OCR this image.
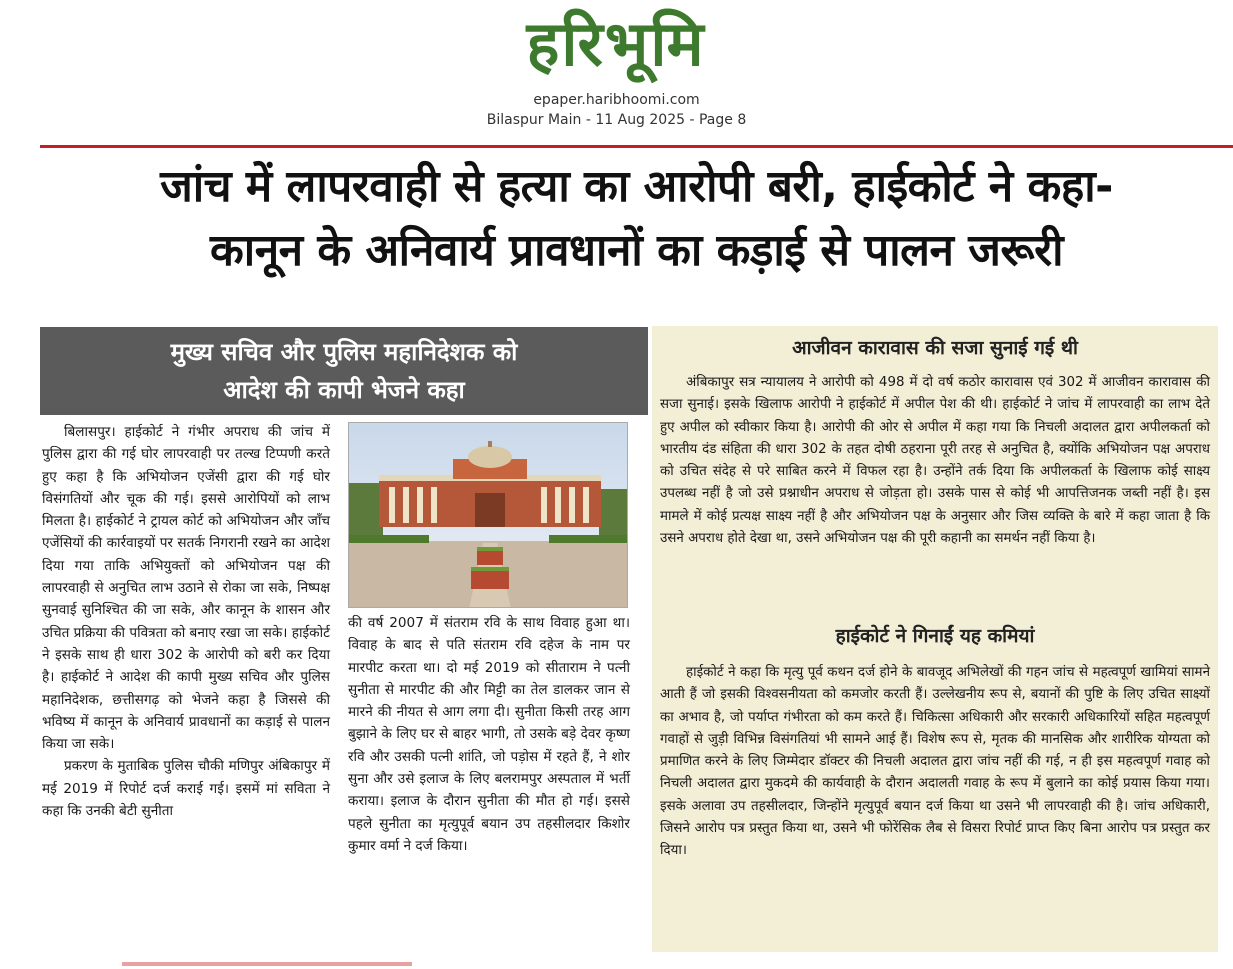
हरिभूमि
epaper.haribhoomi.com
Bilaspur Main - 11 Aug 2025 - Page 8
जांच में लापरवाही से हत्या का आरोपी बरी, हाईकोर्ट ने कहा-
कानून के अनिवार्य प्रावधानों का कड़ाई से पालन जरूरी
मुख्य सचिव और पुलिस महानिदेशक को
आदेश की कापी भेजने कहा

बिलासपुर। हाईकोर्ट ने गंभीर अपराध की जांच में पुलिस द्वारा की गई घोर लापरवाही पर तल्ख टिप्पणी करते हुए कहा है कि अभियोजन एजेंसी द्वारा की गई घोर विसंगतियों और चूक की गई। इससे आरोपियों को लाभ मिलता है। हाईकोर्ट ने ट्रायल कोर्ट को अभियोजन और जाँच एजेंसियों की कार्रवाइयों पर सतर्क निगरानी रखने का आदेश दिया गया ताकि अभियुक्तों को अभियोजन पक्ष की लापरवाही से अनुचित लाभ उठाने से रोका जा सके, निष्पक्ष सुनवाई सुनिश्चित की जा सके, और कानून के शासन और उचित प्रक्रिया की पवित्रता को बनाए रखा जा सके। हाईकोर्ट ने इसके साथ ही धारा 302 के आरोपी को बरी कर दिया है। हाईकोर्ट ने आदेश की कापी मुख्य सचिव और पुलिस महानिदेशक, छत्तीसगढ़ को भेजने कहा है जिससे की भविष्य में कानून के अनिवार्य प्रावधानों का कड़ाई से पालन किया जा सके।

प्रकरण के मुताबिक पुलिस चौकी मणिपुर अंबिकापुर में मई 2019 में रिपोर्ट दर्ज कराई गई। इसमें मां सविता ने कहा कि उनकी बेटी सुनीता

की वर्ष 2007 में संतराम रवि के साथ विवाह हुआ था। विवाह के बाद से पति संतराम रवि दहेज के नाम पर मारपीट करता था। दो मई 2019 को सीताराम ने पत्नी सुनीता से मारपीट की और मिट्टी का तेल डालकर जान से मारने की नीयत से आग लगा दी। सुनीता किसी तरह आग बुझाने के लिए घर से बाहर भागी, तो उसके बड़े देवर कृष्ण रवि और उसकी पत्नी शांति, जो पड़ोस में रहते हैं, ने शोर सुना और उसे इलाज के लिए बलरामपुर अस्पताल में भर्ती कराया। इलाज के दौरान सुनीता की मौत हो गई। इससे पहले सुनीता का मृत्युपूर्व बयान उप तहसीलदार किशोर कुमार वर्मा ने दर्ज किया।

आजीवन कारावास की सजा सुनाई गई थी

अंबिकापुर सत्र न्यायालय ने आरोपी को 498 में दो वर्ष कठोर कारावास एवं 302 में आजीवन कारावास की सजा सुनाई। इसके खिलाफ आरोपी ने हाईकोर्ट में अपील पेश की थी। हाईकोर्ट ने जांच में लापरवाही का लाभ देते हुए अपील को स्वीकार किया है। आरोपी की ओर से अपील में कहा गया कि निचली अदालत द्वारा अपीलकर्ता को भारतीय दंड संहिता की धारा 302 के तहत दोषी ठहराना पूरी तरह से अनुचित है, क्योंकि अभियोजन पक्ष अपराध को उचित संदेह से परे साबित करने में विफल रहा है। उन्होंने तर्क दिया कि अपीलकर्ता के खिलाफ कोई साक्ष्य उपलब्ध नहीं है जो उसे प्रश्नाधीन अपराध से जोड़ता हो। उसके पास से कोई भी आपत्तिजनक जब्ती नहीं है। इस मामले में कोई प्रत्यक्ष साक्ष्य नहीं है और अभियोजन पक्ष के अनुसार और जिस व्यक्ति के बारे में कहा जाता है कि उसने अपराध होते देखा था, उसने अभियोजन पक्ष की पूरी कहानी का समर्थन नहीं किया है।

हाईकोर्ट ने गिनाईं यह कमियां

हाईकोर्ट ने कहा कि मृत्यु पूर्व कथन दर्ज होने के बावजूद अभिलेखों की गहन जांच से महत्वपूर्ण खामियां सामने आती हैं जो इसकी विश्वसनीयता को कमजोर करती हैं। उल्लेखनीय रूप से, बयानों की पुष्टि के लिए उचित साक्ष्यों का अभाव है, जो पर्याप्त गंभीरता को कम करते हैं। चिकित्सा अधिकारी और सरकारी अधिकारियों सहित महत्वपूर्ण गवाहों से जुड़ी विभिन्न विसंगतियां भी सामने आई हैं। विशेष रूप से, मृतक की मानसिक और शारीरिक योग्यता को प्रमाणित करने के लिए जिम्मेदार डॉक्टर की निचली अदालत द्वारा जांच नहीं की गई, न ही इस महत्वपूर्ण गवाह को निचली अदालत द्वारा मुकदमे की कार्यवाही के दौरान अदालती गवाह के रूप में बुलाने का कोई प्रयास किया गया। इसके अलावा उप तहसीलदार, जिन्होंने मृत्युपूर्व बयान दर्ज किया था उसने भी लापरवाही की है। जांच अधिकारी, जिसने आरोप पत्र प्रस्तुत किया था, उसने भी फोरेंसिक लैब से विसरा रिपोर्ट प्राप्त किए बिना आरोप पत्र प्रस्तुत कर दिया।
